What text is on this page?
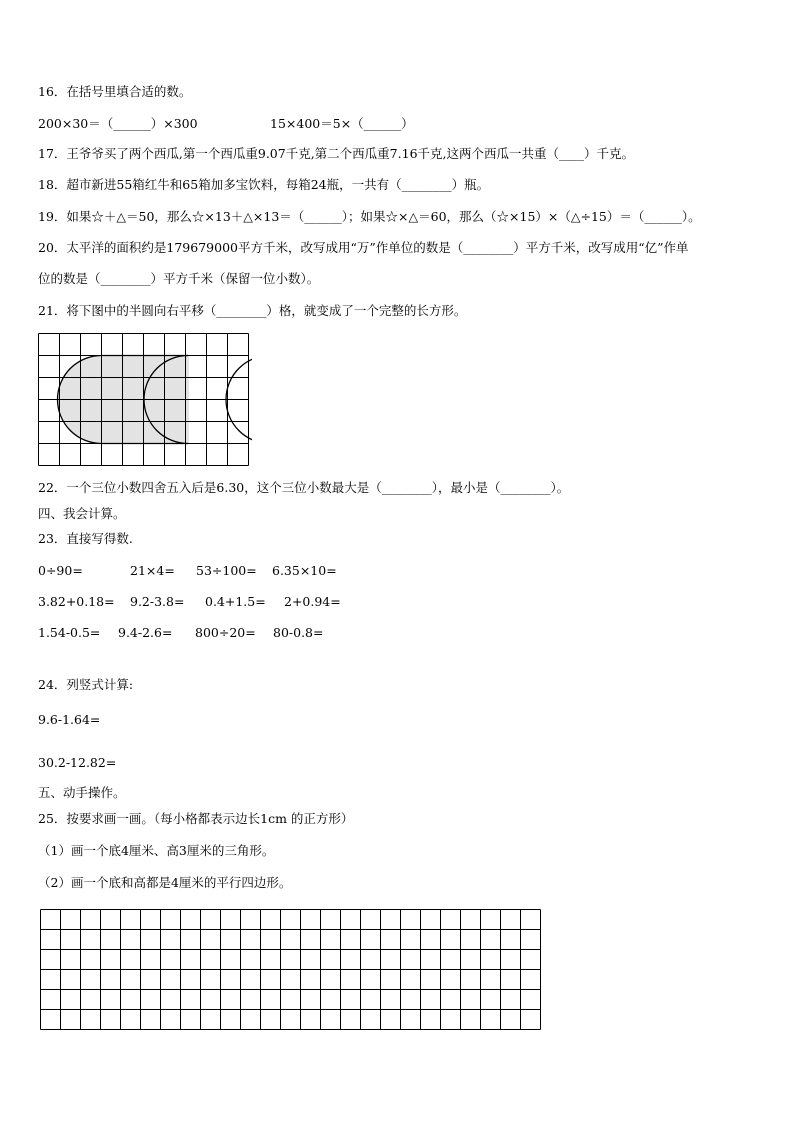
16．在括号里填合适的数。
200×30＝（______）×300	15×400＝5×（______）
17．王爷爷买了两个西瓜,第一个西瓜重9.07千克,第二个西瓜重7.16千克,这两个西瓜一共重（____）千克。
18．超市新进55箱红牛和65箱加多宝饮料，每箱24瓶，一共有（________）瓶。
19．如果☆＋△＝50，那么☆×13＋△×13＝（______）；如果☆×△＝60，那么（☆×15）×（△÷15）＝（______）。
20．太平洋的面积约是179679000平方千米，改写成用“万”作单位的数是（________）平方千米，改写成用“亿”作单
位的数是（________）平方千米（保留一位小数）。
21．将下图中的半圆向右平移（________）格，就变成了一个完整的长方形。
22．一个三位小数四舍五入后是6.30，这个三位小数最大是（________），最小是（________）。
四、我会计算。
23．直接写得数.
0÷90=	21×4= 53÷100= 6.35×10=
3.82+0.18= 9.2-3.8= 0.4+1.5= 2+0.94=
1.54-0.5= 9.4-2.6= 800÷20= 80-0.8=
24．列竖式计算:
9.6-1.64=
30.2-12.82=
五、动手操作。
25．按要求画一画。（每小格都表示边长1cm 的正方形）
（1）画一个底4厘米、高3厘米的三角形。
（2）画一个底和高都是4厘米的平行四边形。
